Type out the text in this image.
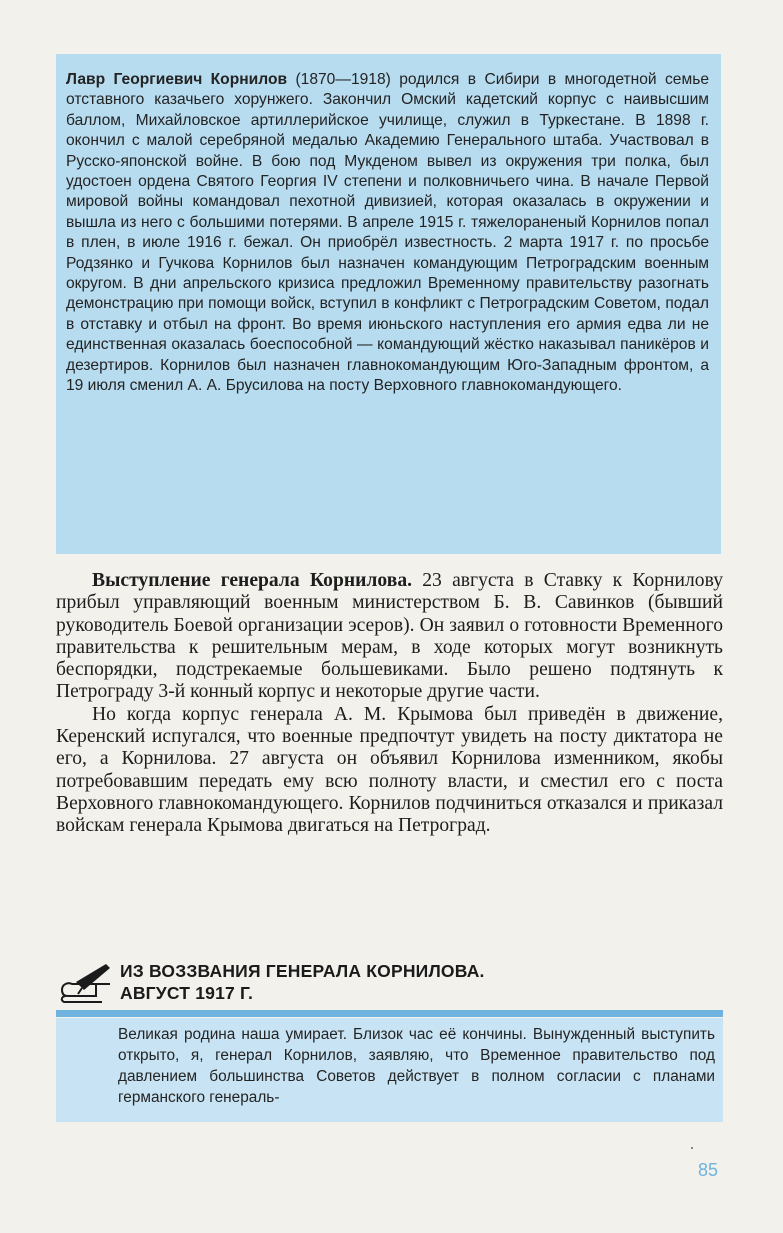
Лавр Георгиевич Корнилов (1870—1918) родился в Сибири в многодетной семье отставного казачьего хорунжего. Закончил Омский кадетский корпус с наивысшим баллом, Михайловское артиллерийское училище, служил в Туркестане. В 1898 г. окончил с малой серебряной медалью Академию Генерального штаба. Участвовал в Русско-японской войне. В бою под Мукденом вывел из окружения три полка, был удостоен ордена Святого Георгия IV степени и полковничьего чина. В начале Первой мировой войны командовал пехотной дивизией, которая оказалась в окружении и вышла из него с большими потерями. В апреле 1915 г. тяжелораненый Корнилов попал в плен, в июле 1916 г. бежал. Он приобрёл известность. 2 марта 1917 г. по просьбе Родзянко и Гучкова Корнилов был назначен командующим Петроградским военным округом. В дни апрельского кризиса предложил Временному правительству разогнать демонстрацию при помощи войск, вступил в конфликт с Петроградским Советом, подал в отставку и отбыл на фронт. Во время июньского наступления его армия едва ли не единственная оказалась боеспособной — командующий жёстко наказывал паникёров и дезертиров. Корнилов был назначен главнокомандующим Юго-Западным фронтом, а 19 июля сменил А. А. Брусилова на посту Верховного главнокомандующего.

Выступление генерала Корнилова. 23 августа в Ставку к Корнилову прибыл управляющий военным министерством Б. В. Савинков (бывший руководитель Боевой организации эсеров). Он заявил о готовности Временного правительства к решительным мерам, в ходе которых могут возникнуть беспорядки, подстрекаемые большевиками. Было решено подтянуть к Петрограду 3-й конный корпус и некоторые другие части.

Но когда корпус генерала А. М. Крымова был приведён в движение, Керенский испугался, что военные предпочтут увидеть на посту диктатора не его, а Корнилова. 27 августа он объявил Корнилова изменником, якобы потребовавшим передать ему всю полноту власти, и сместил его с поста Верховного главнокомандующего. Корнилов подчиниться отказался и приказал войскам генерала Крымова двигаться на Петроград.

ИЗ ВОЗЗВАНИЯ ГЕНЕРАЛА КОРНИЛОВА.
АВГУСТ 1917 Г.

Великая родина наша умирает. Близок час её кончины. Вынужденный выступить открыто, я, генерал Корнилов, заявляю, что Временное правительство под давлением большинства Советов действует в полном согласии с планами германского генераль-

85
